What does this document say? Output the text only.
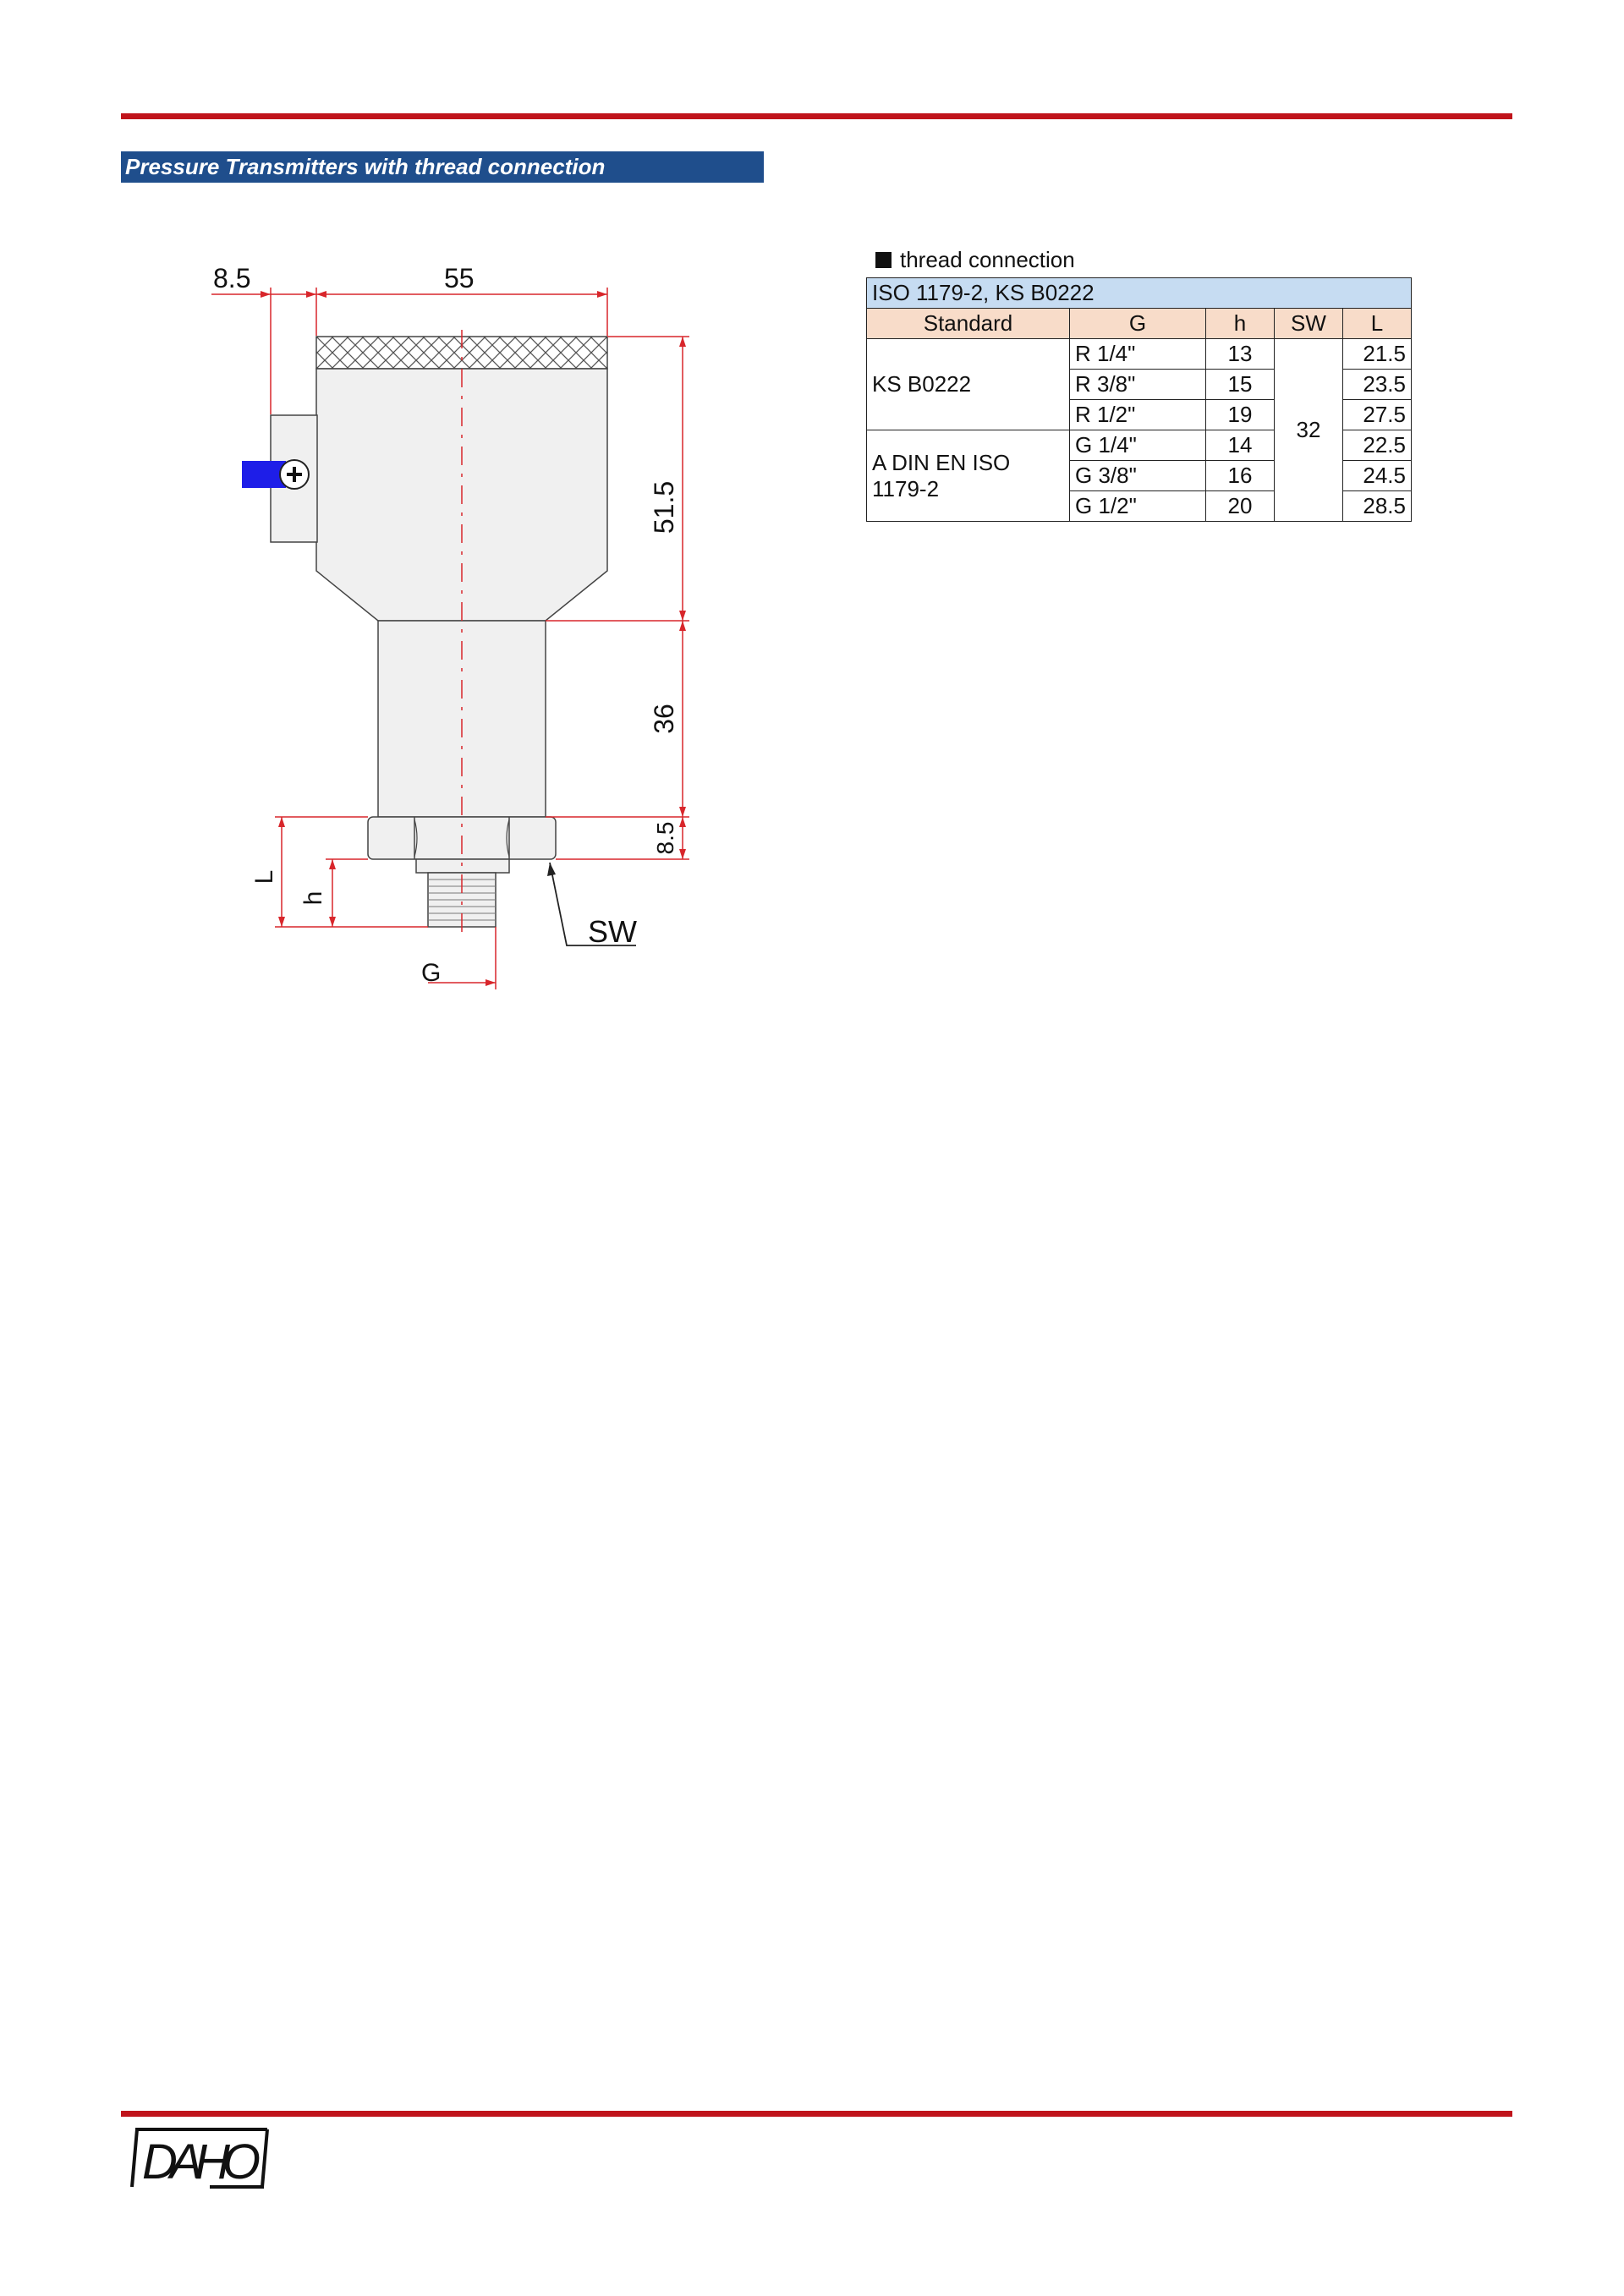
Pressure Transmitters with thread connection
8.5	55
51.5
36
8.5
L
h
G
SW
thread connection
ISO 1179-2, KS B0222				
Standard	G	h	SW	L
KS B0222	R 1/4"	13	32	21.5
	R 3/8"	15		23.5
	R 1/2"	19		27.5
A DIN EN ISO 1179-2	G 1/4"	14		22.5
	G 3/8"	16		24.5
	G 1/2"	20		28.5
DAHO
